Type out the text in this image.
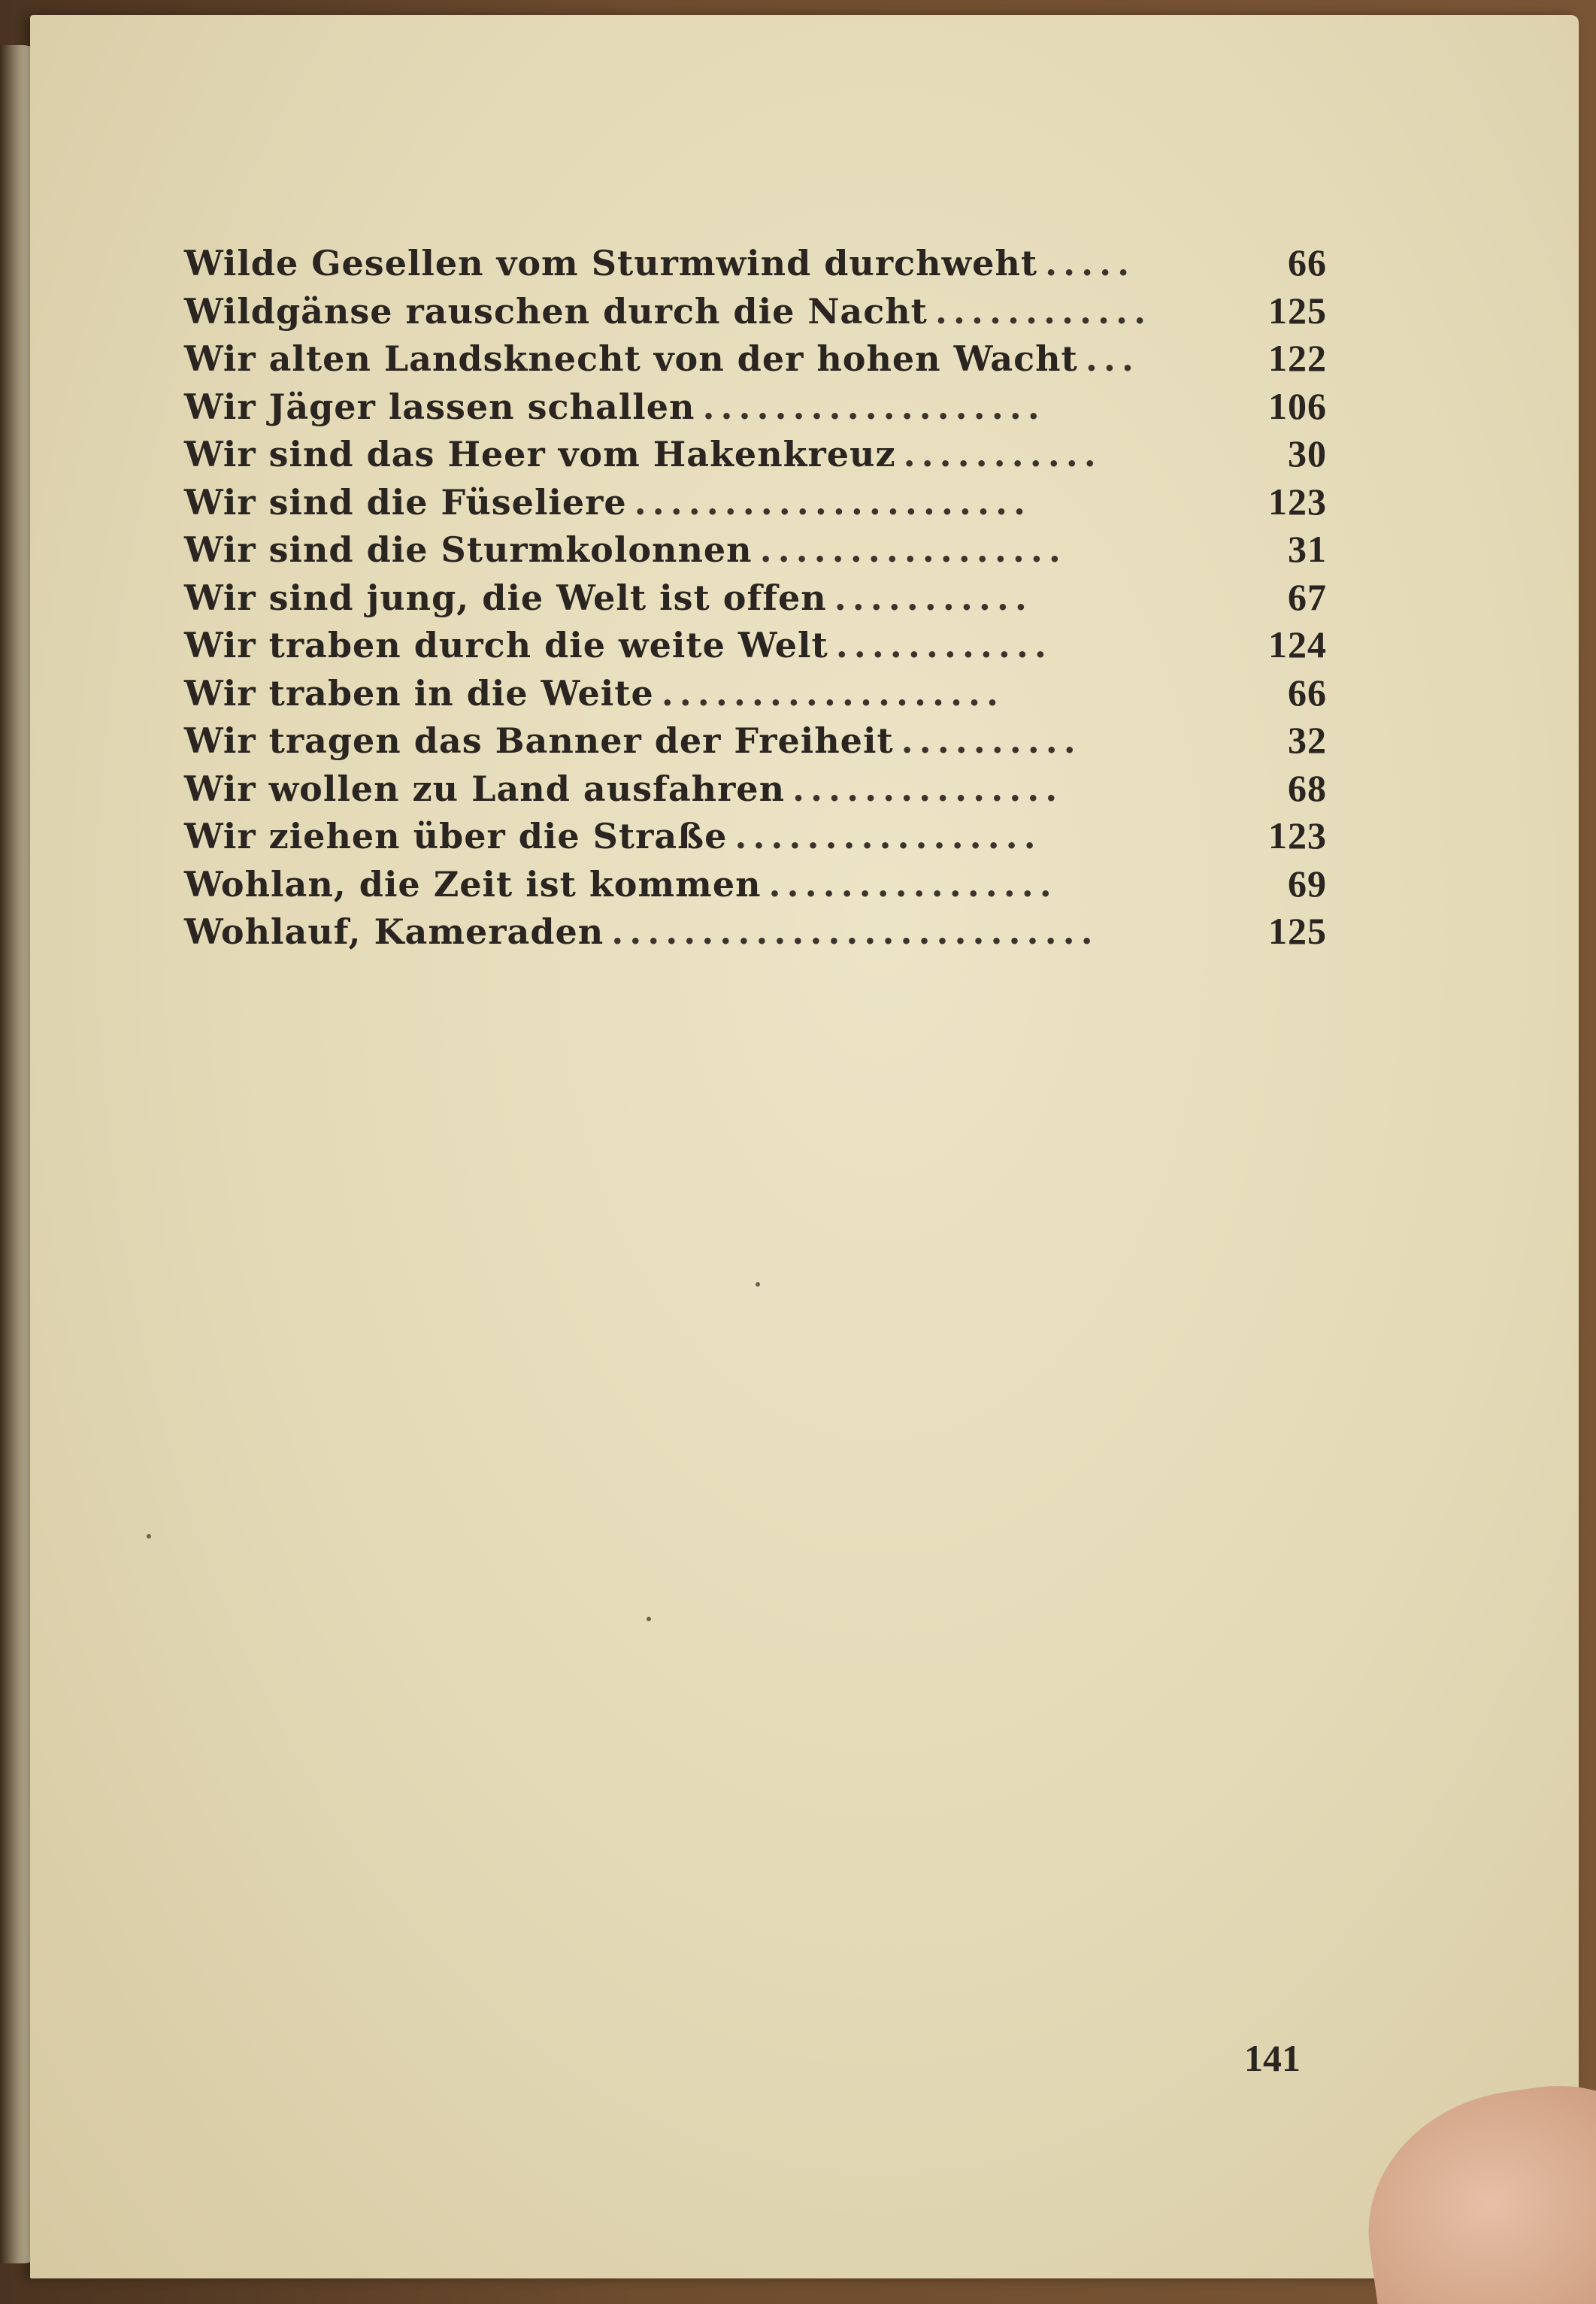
Wilde Gesellen vom Sturmwind durchweht .....	66
Wildgänse rauschen durch die Nacht ............	125
Wir alten Landsknecht von der hohen Wacht ...	122
Wir Jäger lassen schallen ...................	106
Wir sind das Heer vom Hakenkreuz ...........	30
Wir sind die Füseliere ......................	123
Wir sind die Sturmkolonnen .................	31
Wir sind jung, die Welt ist offen ...........	67
Wir traben durch die weite Welt ............	124
Wir traben in die Weite ...................	66
Wir tragen das Banner der Freiheit ..........	32
Wir wollen zu Land ausfahren ...............	68
Wir ziehen über die Straße .................	123
Wohlan, die Zeit ist kommen ................	69
Wohlauf, Kameraden ...........................	125
141
